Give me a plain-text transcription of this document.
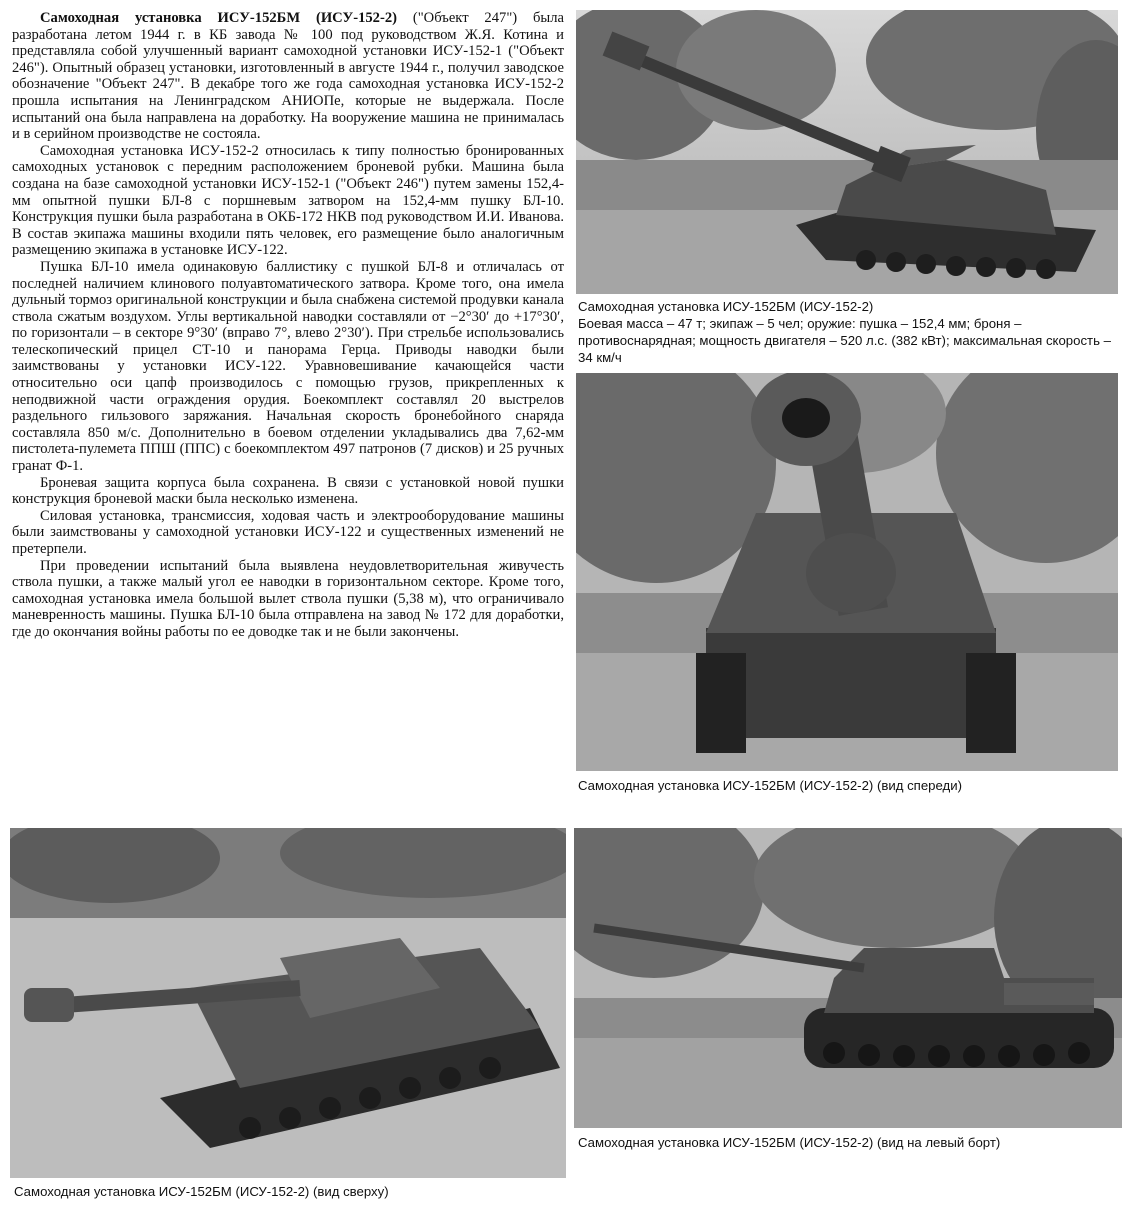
Самоходная установка ИСУ-152БМ (ИСУ-152-2) ("Объект 247") была разработана летом 1944 г. в КБ завода № 100 под руководством Ж.Я. Котина и представляла собой улучшенный вариант самоходной установки ИСУ-152-1 ("Объект 246"). Опытный образец установки, изготовленный в августе 1944 г., получил заводское обозначение "Объект 247". В декабре того же года самоходная установка ИСУ-152-2 прошла испытания на Ленинградском АНИОПе, которые не выдержала. После испытаний она была направлена на доработку. На вооружение машина не принималась и в серийном производстве не состояла.

Самоходная установка ИСУ-152-2 относилась к типу полностью бронированных самоходных установок с передним расположением броневой рубки. Машина была создана на базе самоходной установки ИСУ-152-1 ("Объект 246") путем замены 152,4-мм опытной пушки БЛ-8 с поршневым затвором на 152,4-мм пушку БЛ-10. Конструкция пушки была разработана в ОКБ-172 НКВ под руководством И.И. Иванова. В состав экипажа машины входили пять человек, его размещение было аналогичным размещению экипажа в установке ИСУ-122.

Пушка БЛ-10 имела одинаковую баллистику с пушкой БЛ-8 и отличалась от последней наличием клинового полуавтоматического затвора. Кроме того, она имела дульный тормоз оригинальной конструкции и была снабжена системой продувки канала ствола сжатым воздухом. Углы вертикальной наводки составляли от −2°30′ до +17°30′, по горизонтали – в секторе 9°30′ (вправо 7°, влево 2°30′). При стрельбе использовались телескопический прицел СТ-10 и панорама Герца. Приводы наводки были заимствованы у установки ИСУ-122. Уравновешивание качающейся части относительно оси цапф производилось с помощью грузов, прикрепленных к неподвижной части ограждения орудия. Боекомплект составлял 20 выстрелов раздельного гильзового заряжания. Начальная скорость бронебойного снаряда составляла 850 м/с. Дополнительно в боевом отделении укладывались два 7,62-мм пистолета-пулемета ППШ (ППС) с боекомплектом 497 патронов (7 дисков) и 25 ручных гранат Ф-1.

Броневая защита корпуса была сохранена. В связи с установкой новой пушки конструкция броневой маски была несколько изменена.

Силовая установка, трансмиссия, ходовая часть и электрооборудование машины были заимствованы у самоходной установки ИСУ-122 и существенных изменений не претерпели.

При проведении испытаний была выявлена неудовлетворительная живучесть ствола пушки, а также малый угол ее наводки в горизонтальном секторе. Кроме того, самоходная установка имела большой вылет ствола пушки (5,38 м), что ограничивало маневренность машины. Пушка БЛ-10 была отправлена на завод № 172 для доработки, где до окончания войны работы по ее доводке так и не были закончены.

Самоходная установка ИСУ-152БМ (ИСУ-152-2)
Боевая масса – 47 т; экипаж – 5 чел; оружие: пушка – 152,4 мм; броня – противоснарядная; мощность двигателя – 520 л.с. (382 кВт); максимальная скорость – 34 км/ч
Самоходная установка ИСУ-152БМ (ИСУ-152-2) (вид спереди)
Самоходная установка ИСУ-152БМ (ИСУ-152-2) (вид сверху)
Самоходная установка ИСУ-152БМ (ИСУ-152-2) (вид на левый борт)
